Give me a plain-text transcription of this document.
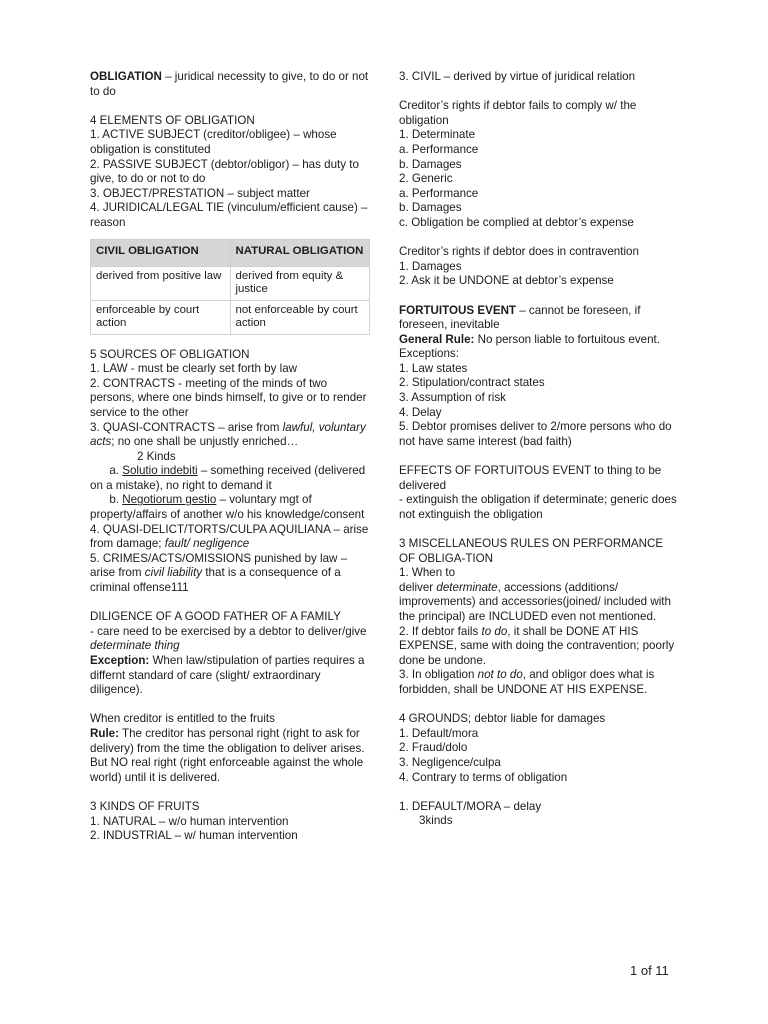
OBLIGATION – juridical necessity to give, to do or not to do

4 ELEMENTS OF OBLIGATION

1. ACTIVE SUBJECT (creditor/obligee) – whose obligation is constituted

2. PASSIVE SUBJECT (debtor/obligor) – has duty to give, to do or not to do

3. OBJECT/PRESTATION – subject matter

4. JURIDICAL/LEGAL TIE (vinculum/efficient cause) – reason

CIVIL OBLIGATION	NATURAL OBLIGATION
derived from positive law	derived from equity & justice
enforceable by court action	not enforceable by court action

5 SOURCES OF OBLIGATION

1. LAW - must be clearly set forth by law

2. CONTRACTS - meeting of the minds of two persons, where one binds himself, to give or to render service to the other

3. QUASI-CONTRACTS – arise from lawful, voluntary acts; no one shall be unjustly enriched…

2 Kinds

a. Solutio indebiti – something received (delivered on a mistake), no right to demand it

b. Negotiorum gestio – voluntary mgt of property/affairs of another w/o his knowledge/consent

4. QUASI-DELICT/TORTS/CULPA AQUILIANA – arise from damage; fault/ negligence

5. CRIMES/ACTS/OMISSIONS punished by law – arise from civil liability that is a consequence of a criminal offense111

DILIGENCE OF A GOOD FATHER OF A FAMILY

- care need to be exercised by a debtor to deliver/give determinate thing

Exception: When law/stipulation of parties requires a differnt standard of care (slight/ extraordinary diligence).

When creditor is entitled to the fruits

Rule: The creditor has personal right (right to ask for delivery) from the time the obligation to deliver arises.

But NO real right (right enforceable against the whole world) until it is delivered.

3 KINDS OF FRUITS

1. NATURAL – w/o human intervention

2. INDUSTRIAL – w/ human intervention

3. CIVIL – derived by virtue of juridical relation

Creditor’s rights if debtor fails to comply w/ the obligation

1. Determinate

a. Performance

b. Damages

2. Generic

a. Performance

b. Damages

c. Obligation be complied at debtor’s expense

Creditor’s rights if debtor does in contravention

1. Damages

2. Ask it be UNDONE at debtor’s expense

FORTUITOUS EVENT – cannot be foreseen, if foreseen, inevitable

General Rule: No person liable to fortuitous event.

Exceptions:

1. Law states

2. Stipulation/contract states

3. Assumption of risk

4. Delay

5. Debtor promises deliver to 2/more persons who do not have same interest (bad faith)

EFFECTS OF FORTUITOUS EVENT to thing to be delivered

- extinguish the obligation if determinate; generic does not extinguish the obligation

3 MISCELLANEOUS RULES ON PERFORMANCE OF OBLIGA-TION

1. When to

deliver determinate, accessions (additions/ improvements) and accessories(joined/ included with the principal) are INCLUDED even not mentioned.

2. If debtor fails to do, it shall be DONE AT HIS EXPENSE, same with doing the contravention; poorly done be undone.

3. In obligation not to do, and obligor does what is forbidden, shall be UNDONE AT HIS EXPENSE.

4 GROUNDS; debtor liable for damages

1. Default/mora

2. Fraud/dolo

3. Negligence/culpa

4. Contrary to terms of obligation

1. DEFAULT/MORA – delay

3kinds

1 of 11
